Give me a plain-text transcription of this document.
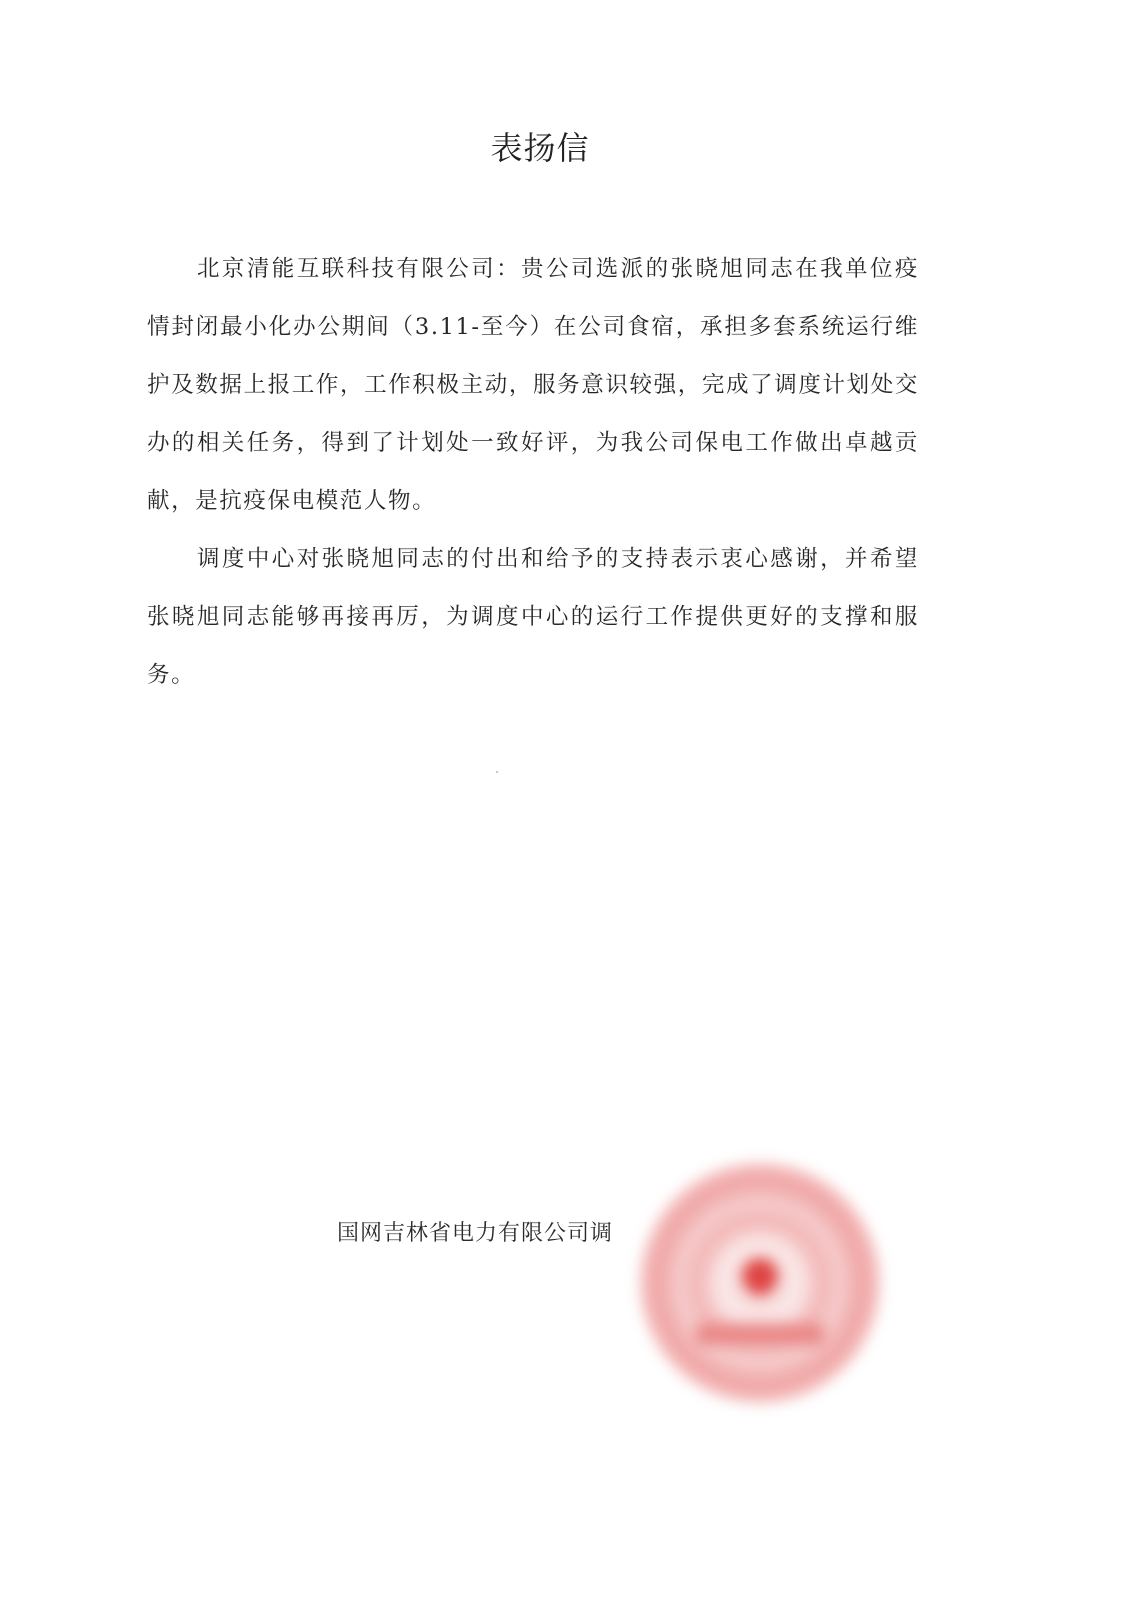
表扬信

北京清能互联科技有限公司：贵公司选派的张晓旭同志在我单位疫情封闭最小化办公期间（3.11-至今）在公司食宿，承担多套系统运行维护及数据上报工作，工作积极主动，服务意识较强，完成了调度计划处交办的相关任务，得到了计划处一致好评，为我公司保电工作做出卓越贡献，是抗疫保电模范人物。

调度中心对张晓旭同志的付出和给予的支持表示衷心感谢，并希望张晓旭同志能够再接再厉，为调度中心的运行工作提供更好的支撑和服务。

国网吉林省电力有限公司调
